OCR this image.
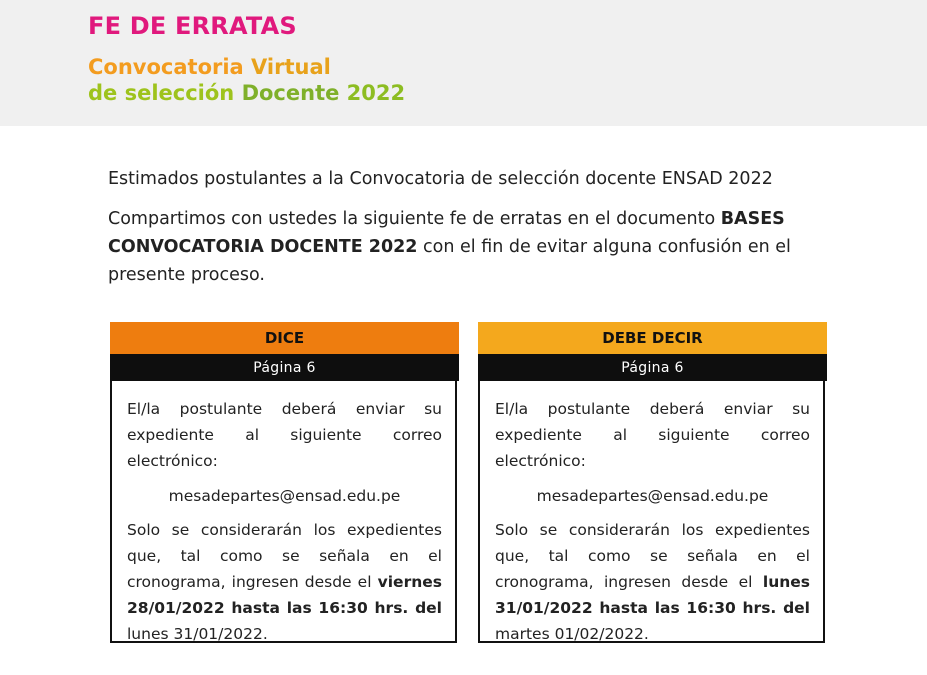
FE DE ERRATAS
Convocatoria Virtual
de selección Docente 2022

Estimados postulantes a la Convocatoria de selección docente ENSAD 2022

Compartimos con ustedes la siguiente fe de erratas en el documento BASES CONVOCATORIA DOCENTE 2022 con el fin de evitar alguna confusión en el presente proceso.

DICE
Página 6

El/la postulante deberá enviar su expediente al siguiente correo electrónico:

mesadepartes@ensad.edu.pe

Solo se considerarán los expedientes que, tal como se señala en el cronograma, ingresen desde el viernes 28/01/2022 hasta las 16:30 hrs. del lunes 31/01/2022.

DEBE DECIR
Página 6

El/la postulante deberá enviar su expediente al siguiente correo electrónico:

mesadepartes@ensad.edu.pe

Solo se considerarán los expedientes que, tal como se señala en el cronograma, ingresen desde el lunes 31/01/2022 hasta las 16:30 hrs. del martes 01/02/2022.
